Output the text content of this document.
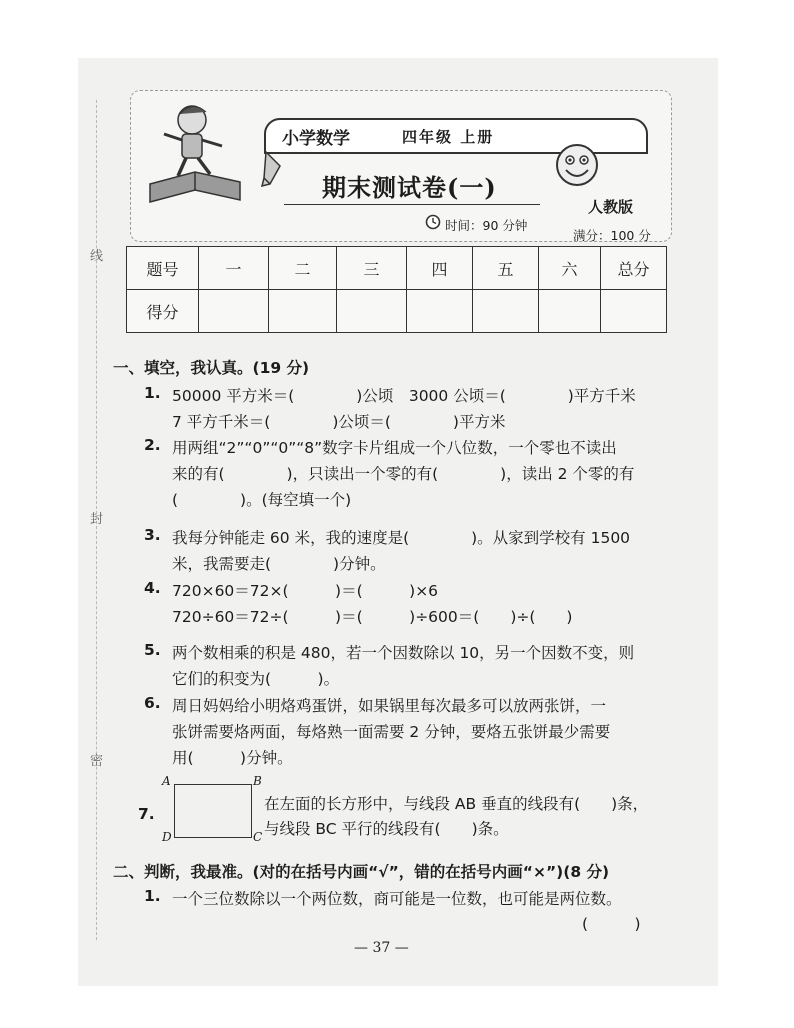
线
封
密
小学数学	四年级 上册
期末测试卷(一)
人教版
时间：90 分钟
满分：100 分
题号	一	二	三	四	五	六	总分
得分							
一、填空，我认真。(19 分)
1. 50000 平方米＝(　　　　)公顷　3000 公顷＝(　　　　)平方千米
7 平方千米＝(　　　　)公顷＝(　　　　)平方米
2. 用两组“2”“0”“0”“8”数字卡片组成一个八位数，一个零也不读出
来的有(　　　　)，只读出一个零的有(　　　　)，读出 2 个零的有
(　　　　)。(每空填一个)
3. 我每分钟能走 60 米，我的速度是(　　　　)。从家到学校有 1500
米，我需要走(　　　　)分钟。
4. 720×60＝72×(　　　)＝(　　　)×6
720÷60＝72÷(　　　)＝(　　　)÷600＝(　　)÷(　　)
5. 两个数相乘的积是 480，若一个因数除以 10，另一个因数不变，则
它们的积变为(　　　)。
6. 周日妈妈给小明烙鸡蛋饼，如果锅里每次最多可以放两张饼，一
张饼需要烙两面，每烙熟一面需要 2 分钟，要烙五张饼最少需要
用(　　　)分钟。
7.
A	B
C
D
在左面的长方形中，与线段 AB 垂直的线段有(　　)条，
与线段 BC 平行的线段有(　　)条。
二、判断，我最准。(对的在括号内画“√”，错的在括号内画“×”)(8 分)
1. 一个三位数除以一个两位数，商可能是一位数，也可能是两位数。
(　　　)
— 37 —
